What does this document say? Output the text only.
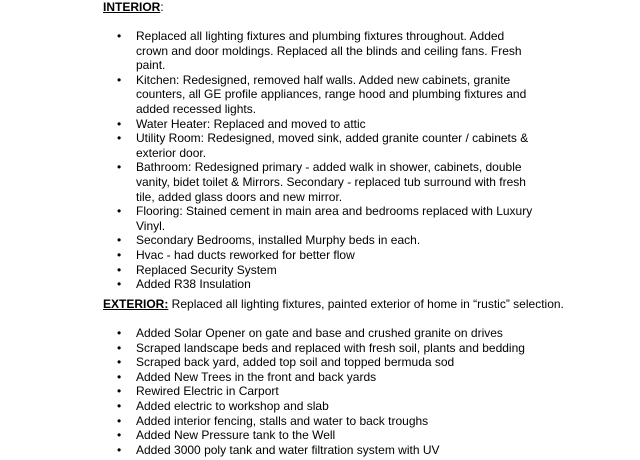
INTERIOR:
• Replaced all lighting fixtures and plumbing fixtures throughout. Added crown and door moldings. Replaced all the blinds and ceiling fans. Fresh paint.
• Kitchen: Redesigned, removed half walls. Added new cabinets, granite counters, all GE profile appliances, range hood and plumbing fixtures and added recessed lights.
• Water Heater: Replaced and moved to attic
• Utility Room: Redesigned, moved sink, added granite counter / cabinets & exterior door.
• Bathroom: Redesigned primary - added walk in shower, cabinets, double vanity, bidet toilet & Mirrors. Secondary - replaced tub surround with fresh tile, added glass doors and new mirror.
• Flooring: Stained cement in main area and bedrooms replaced with Luxury Vinyl.
• Secondary Bedrooms, installed Murphy beds in each.
• Hvac - had ducts reworked for better flow
• Replaced Security System
• Added R38 Insulation
EXTERIOR: Replaced all lighting fixtures, painted exterior of home in “rustic” selection.
• Added Solar Opener on gate and base and crushed granite on drives
• Scraped landscape beds and replaced with fresh soil, plants and bedding
• Scraped back yard, added top soil and topped bermuda sod
• Added New Trees in the front and back yards
• Rewired Electric in Carport
• Added electric to workshop and slab
• Added interior fencing, stalls and water to back troughs
• Added New Pressure tank to the Well
• Added 3000 poly tank and water filtration system with UV
